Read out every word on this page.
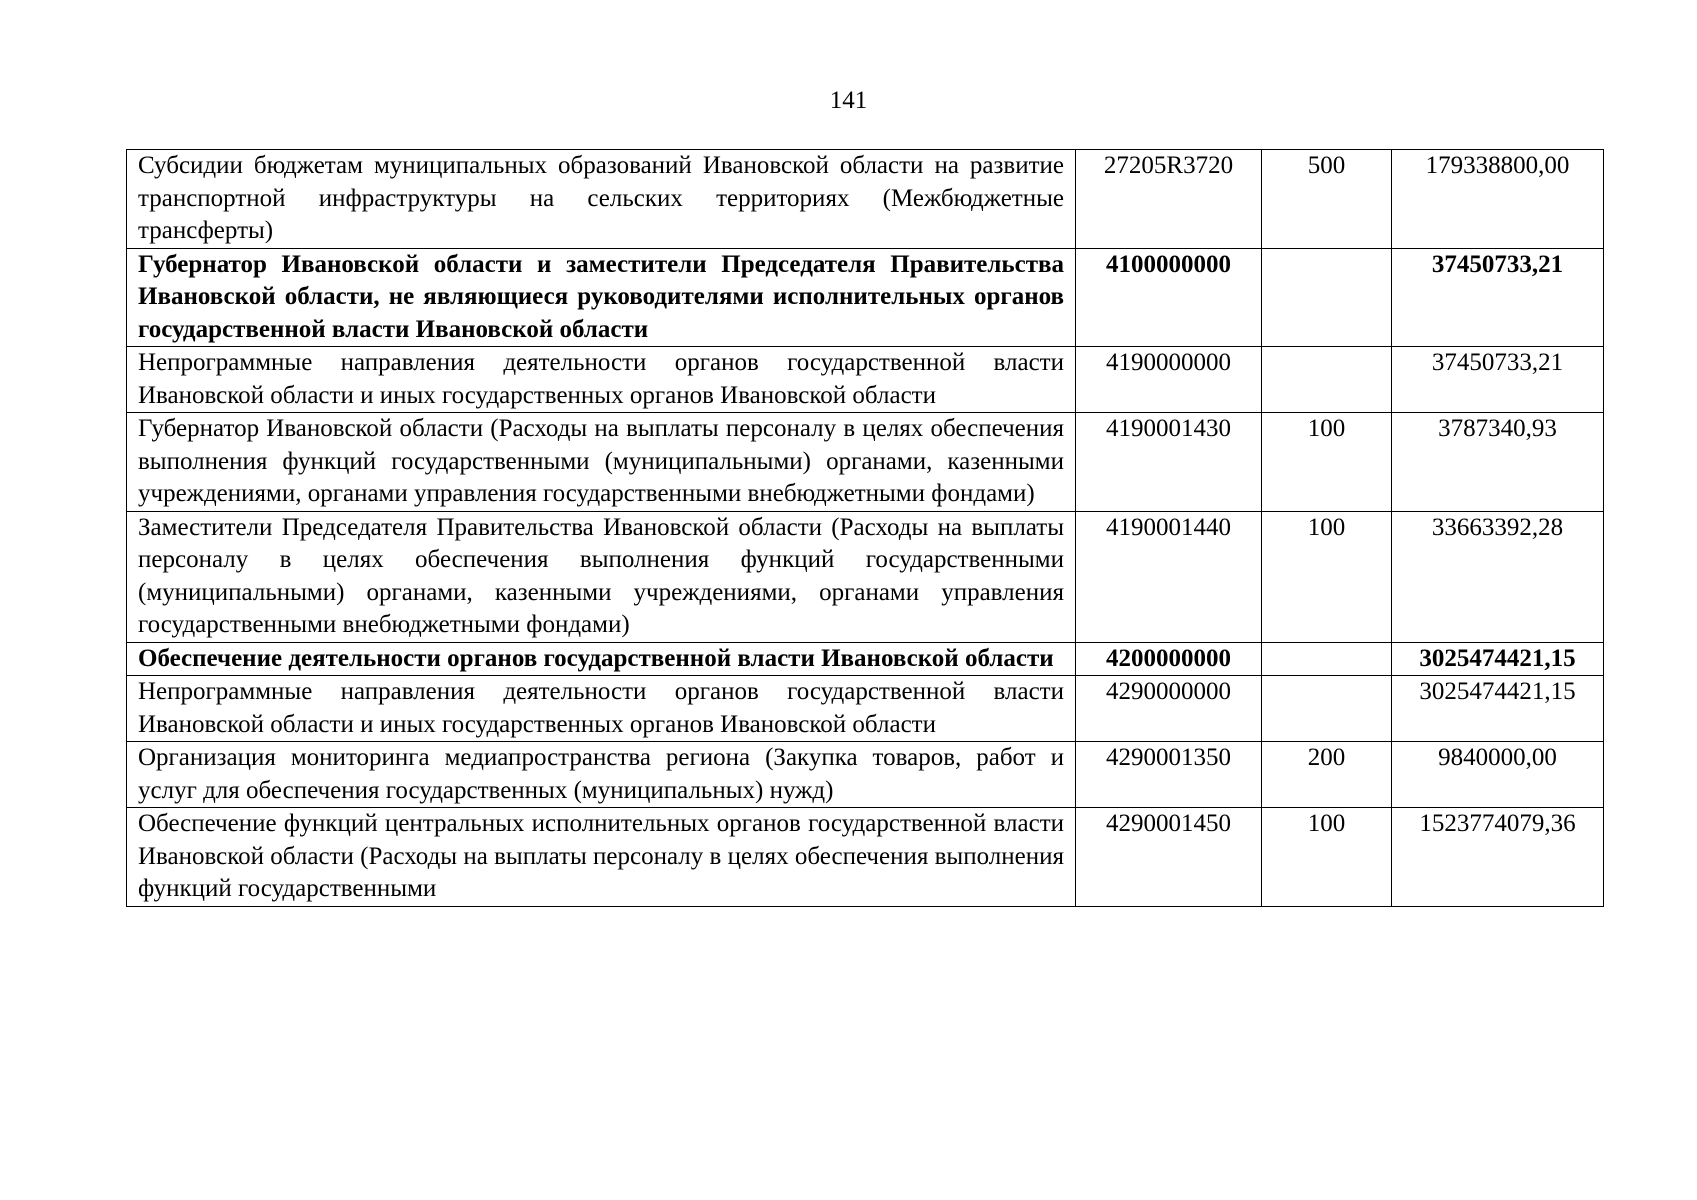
141
Субсидии бюджетам муниципальных образований Ивановской области на развитие транспортной инфраструктуры на сельских территориях (Межбюджетные трансферты)	27205R3720	500	179338800,00
Губернатор Ивановской области и заместители Председателя Правительства Ивановской области, не являющиеся руководителями исполнительных органов государственной власти Ивановской области	4100000000		37450733,21
Непрограммные направления деятельности органов государственной власти Ивановской области и иных государственных органов Ивановской области	4190000000		37450733,21
Губернатор Ивановской области (Расходы на выплаты персоналу в целях обеспечения выполнения функций государственными (муниципальными) органами, казенными учреждениями, органами управления государственными внебюджетными фондами)	4190001430	100	3787340,93
Заместители Председателя Правительства Ивановской области (Расходы на выплаты персоналу в целях обеспечения выполнения функций государственными (муниципальными) органами, казенными учреждениями, органами управления государственными внебюджетными фондами)	4190001440	100	33663392,28
Обеспечение деятельности органов государственной власти Ивановской области	4200000000		3025474421,15
Непрограммные направления деятельности органов государственной власти Ивановской области и иных государственных органов Ивановской области	4290000000		3025474421,15
Организация мониторинга медиапространства региона (Закупка товаров, работ и услуг для обеспечения государственных (муниципальных) нужд)	4290001350	200	9840000,00
Обеспечение функций центральных исполнительных органов государственной власти Ивановской области (Расходы на выплаты персоналу в целях обеспечения выполнения функций государственными	4290001450	100	1523774079,36
